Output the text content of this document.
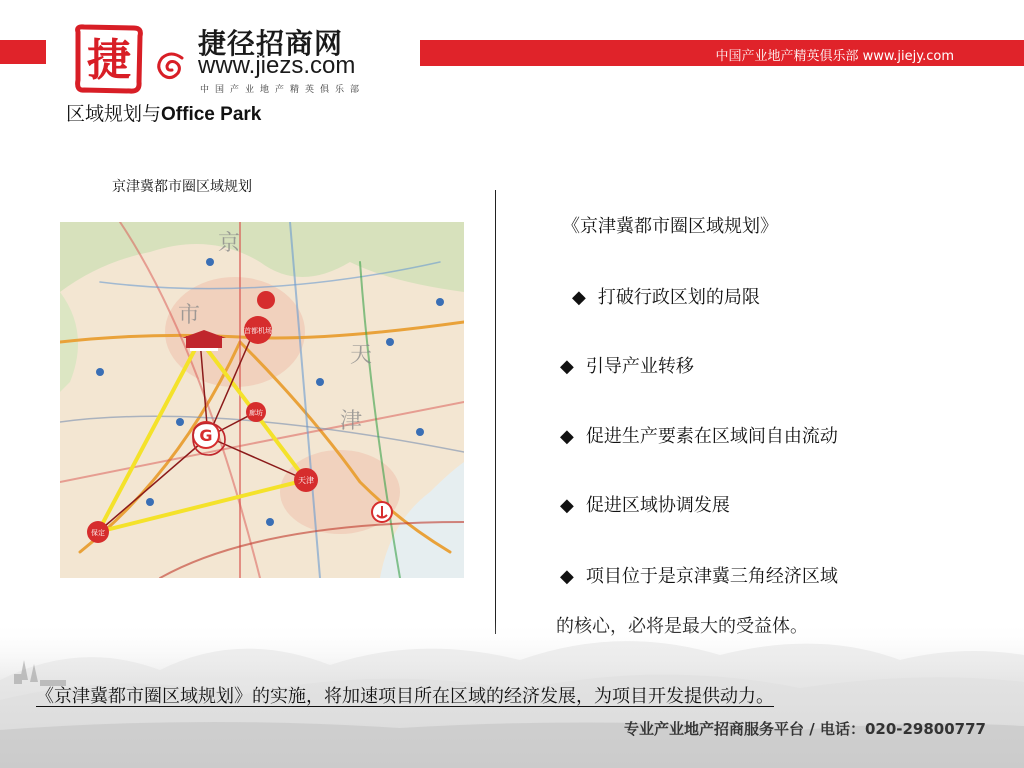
中国产业地产精英俱乐部 www.jiejy.com
捷 捷径招商网
www.jiezs.com
中国产业地产精英俱乐部
区域规划与Office Park
京津冀都市圈区域规划
首都机场
廊坊
天津
保定
G
京
市
天
津
《京津冀都市圈区域规划》
◆ 打破行政区划的局限
◆ 引导产业转移
◆ 促进生产要素在区域间自由流动
◆ 促进区域协调发展
◆ 项目位于是京津冀三角经济区域
《京津冀都市圈区域规划》的实施，将加速项目所在区域的经济发展，为项目开发提供动力。
专业产业地产招商服务平台 / 电话：020-29800777
